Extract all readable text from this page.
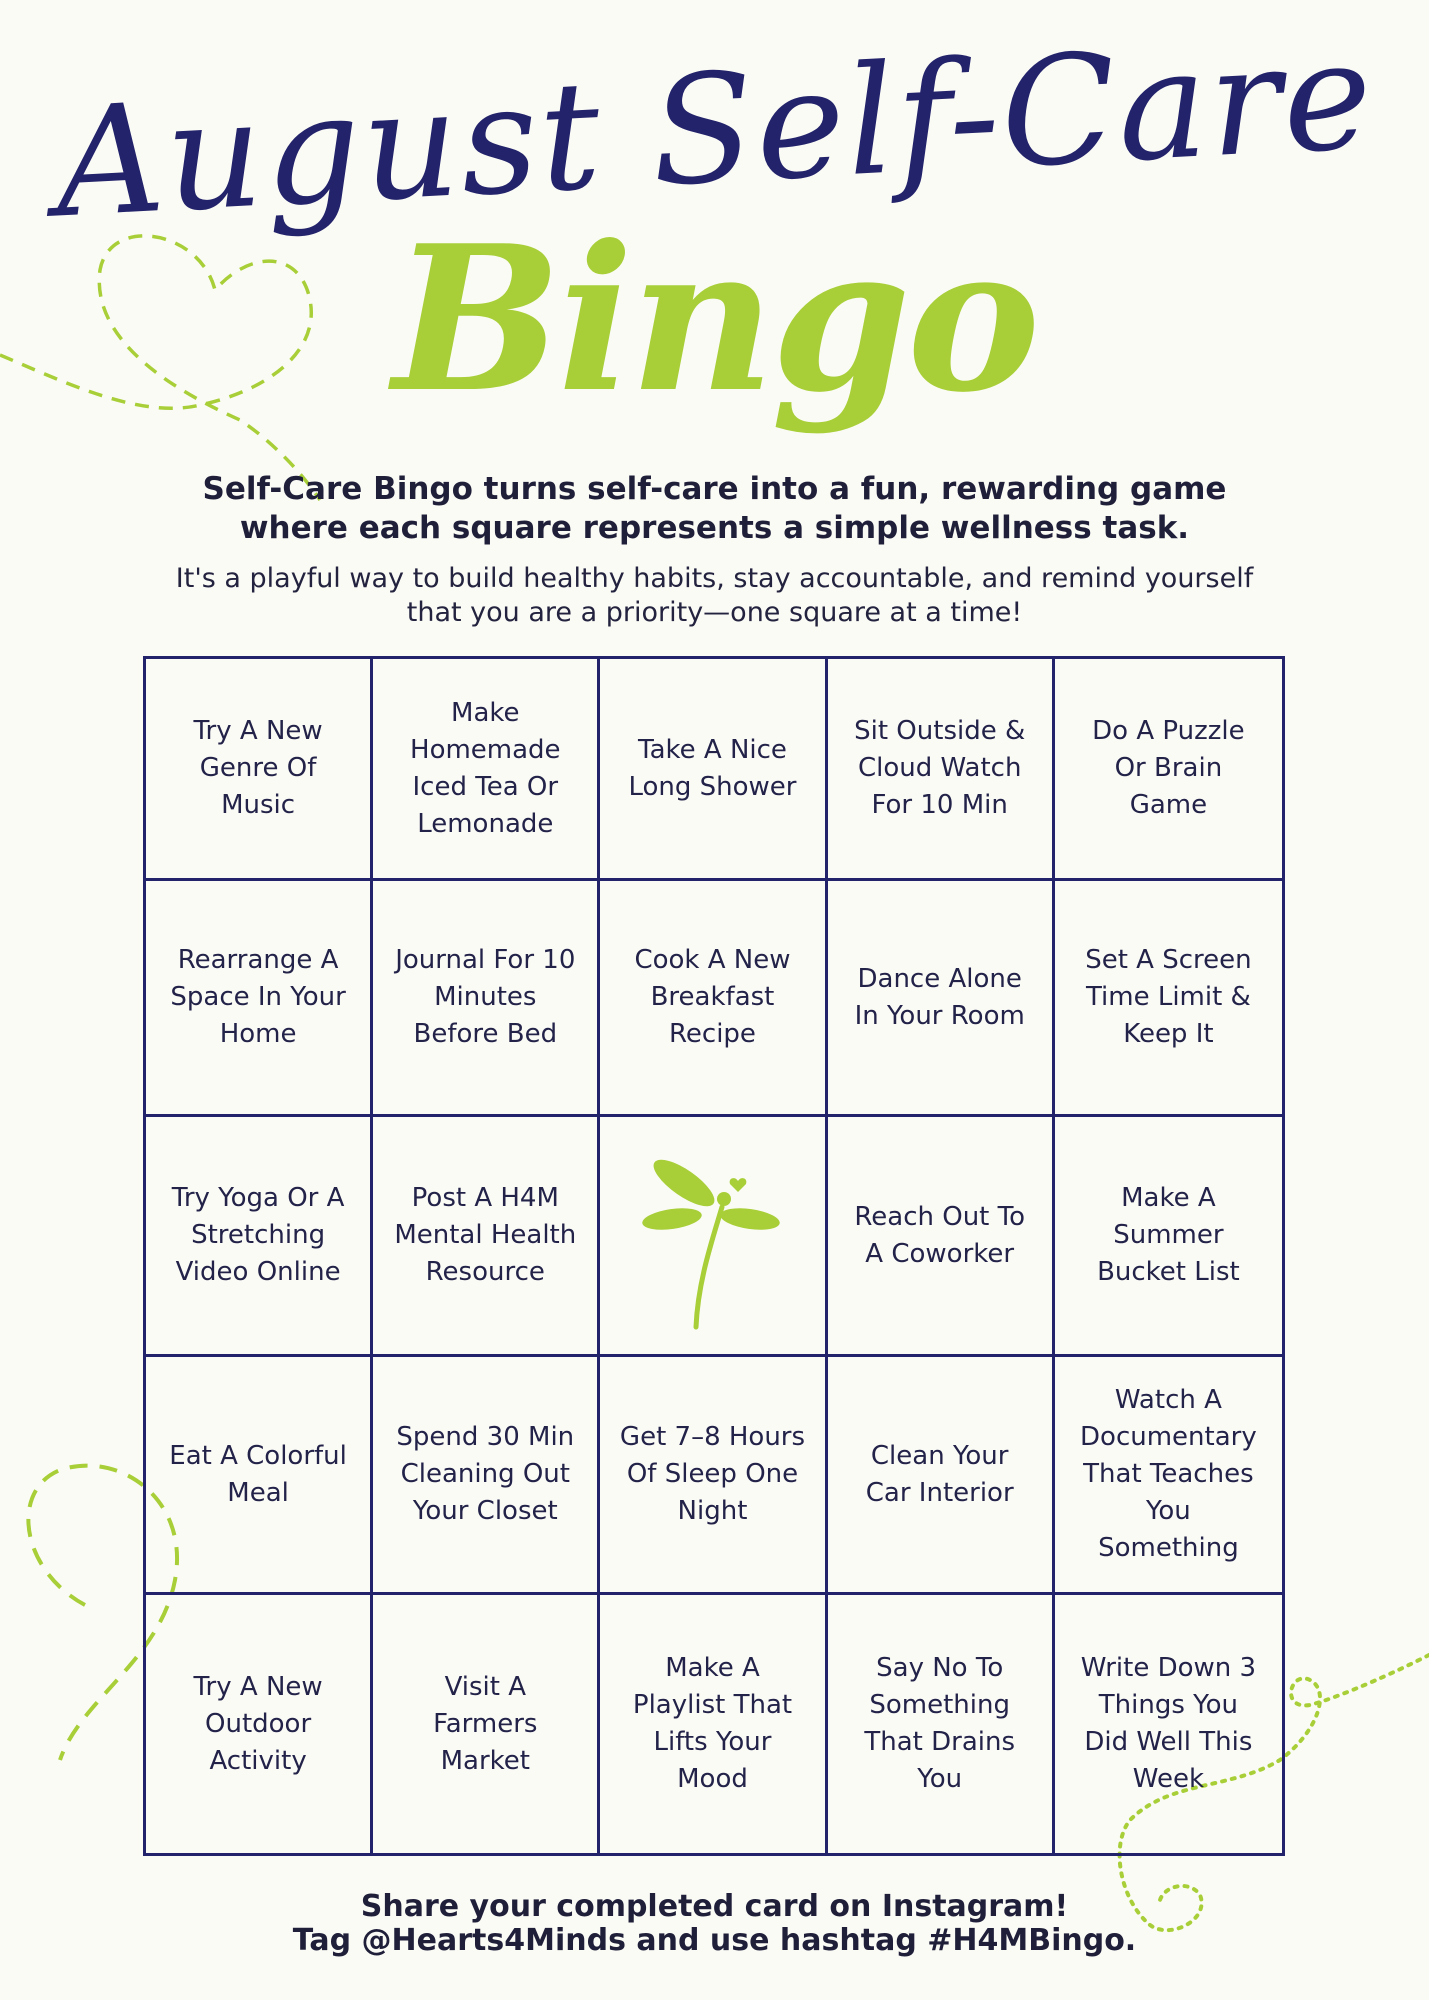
August Self-Care
Bingo
Self-Care Bingo turns self-care into a fun, rewarding game where each square represents a simple wellness task.
It's a playful way to build healthy habits, stay accountable, and remind yourself that you are a priority—one square at a time!
Try A New
Genre Of
Music
Make
Homemade
Iced Tea Or
Lemonade
Take A Nice
Long Shower
Sit Outside &
Cloud Watch
For 10 Min
Do A Puzzle
Or Brain Game
Rearrange A
Space In Your
Home
Journal For 10
Minutes
Before Bed
Cook A New
Breakfast
Recipe
Dance Alone
In Your Room
Set A Screen
Time Limit &
Keep It
Try Yoga Or A
Stretching
Video Online
Post A H4M
Mental Health
Resource
Reach Out To
A Coworker
Make A
Summer
Bucket List
Eat A Colorful
Meal
Spend 30 Min
Cleaning Out
Your Closet
Get 7–8 Hours
Of Sleep One
Night
Clean Your
Car Interior
Watch A
Documentary
That Teaches
You
Something
Try A New
Outdoor
Activity
Visit A
Farmers
Market
Make A
Playlist That
Lifts Your
Mood
Say No To
Something
That Drains
You
Write Down 3
Things You
Did Well This
Week
Share your completed card on Instagram!
Tag @Hearts4Minds and use hashtag #H4MBingo.
